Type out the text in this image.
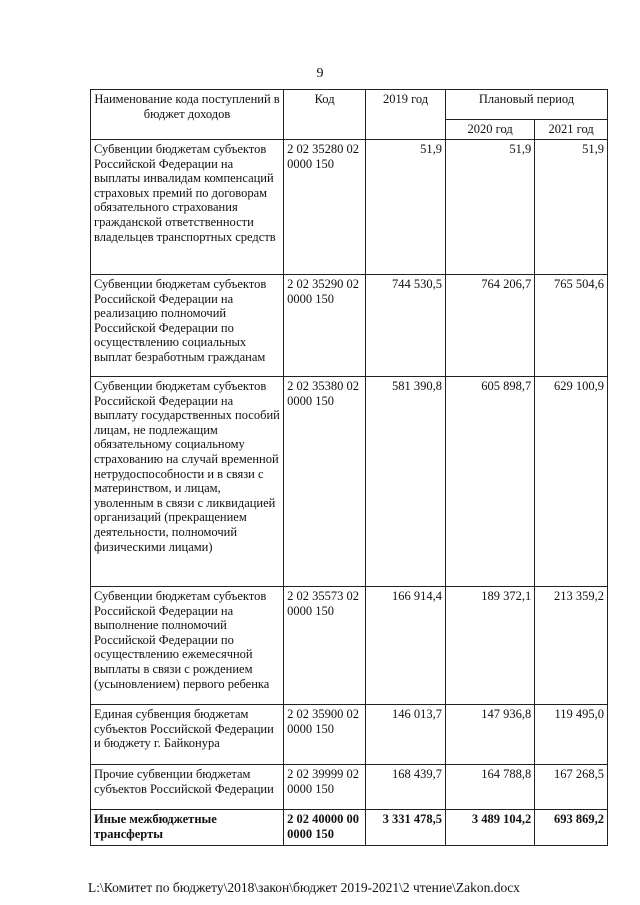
9
Наименование кода поступлений в бюджет доходов	Код	2019 год	Плановый период	
			2020 год	2021 год
Субвенции бюджетам субъектов Российской Федерации на выплаты инвалидам компенсаций страховых премий по договорам обязательного страхования гражданской ответственности владельцев транспортных средств	2 02 35280 02 0000 150	51,9	51,9	51,9
Субвенции бюджетам субъектов Российской Федерации на реализацию полномочий Российской Федерации по осуществлению социальных выплат безработным гражданам	2 02 35290 02 0000 150	744 530,5	764 206,7	765 504,6
Субвенции бюджетам субъектов Российской Федерации на выплату государственных пособий лицам, не подлежащим обязательному социальному страхованию на случай временной нетрудоспособности и в связи с материнством, и лицам, уволенным в связи с ликвидацией организаций (прекращением деятельности, полномочий физическими лицами)	2 02 35380 02 0000 150	581 390,8	605 898,7	629 100,9
Субвенции бюджетам субъектов Российской Федерации на выполнение полномочий Российской Федерации по осуществлению ежемесячной выплаты в связи с рождением (усыновлением) первого ребенка	2 02 35573 02 0000 150	166 914,4	189 372,1	213 359,2
Единая субвенция бюджетам субъектов Российской Федерации и бюджету г. Байконура	2 02 35900 02 0000 150	146 013,7	147 936,8	119 495,0
Прочие субвенции бюджетам субъектов Российской Федерации	2 02 39999 02 0000 150	168 439,7	164 788,8	167 268,5
Иные межбюджетные трансферты	2 02 40000 00 0000 150	3 331 478,5	3 489 104,2	693 869,2
L:\Комитет по бюджету\2018\закон\бюджет 2019-2021\2 чтение\Zakon.docx
